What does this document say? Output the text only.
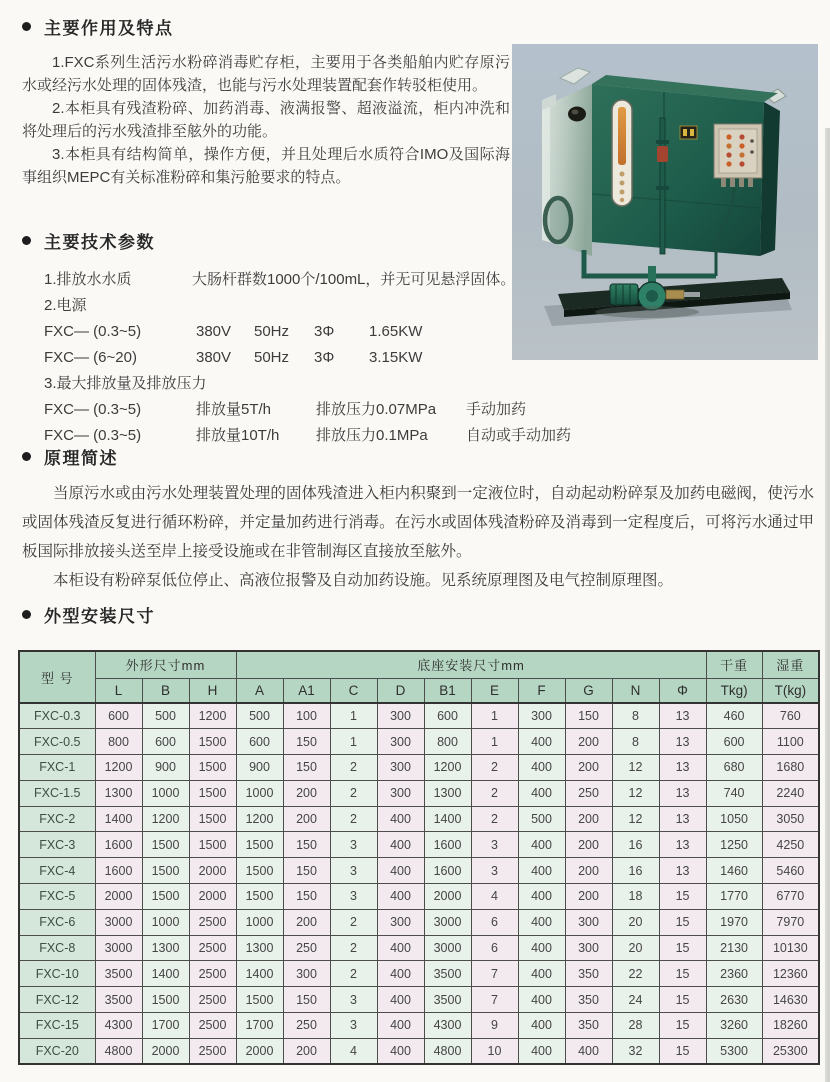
主要作用及特点

1.FXC系列生活污水粉碎消毒贮存柜，主要用于各类船舶内贮存原污水或经污水处理的固体残渣，也能与污水处理装置配套作转驳柜使用。

2.本柜具有残渣粉碎、加药消毒、液满报警、超液溢流，柜内冲洗和将处理后的污水残渣排至舷外的功能。

3.本柜具有结构简单，操作方便，并且处理后水质符合IMO及国际海事组织MEPC有关标准粉碎和集污舱要求的特点。

主要技术参数
1.排放水水质	大肠杆群数1000个/100mL，并无可见悬浮固体。
2.电源
FXC— (0.3~5)	380V 50Hz 3Φ 1.65KW
FXC— (6~20)	380V 50Hz 3Φ 3.15KW
3.最大排放量及排放压力
FXC— (0.3~5)	排放量5T/h	排放压力0.07MPa 手动加药
FXC— (0.3~5)	排放量10T/h 排放压力0.1MPa	自动或手动加药
原理简述

当原污水或由污水处理装置处理的固体残渣进入柜内积聚到一定液位时，自动起动粉碎泵及加药电磁阀，使污水或固体残渣反复进行循环粉碎，并定量加药进行消毒。在污水或固体残渣粉碎及消毒到一定程度后，可将污水通过甲板国际排放接头送至岸上接受设施或在非管制海区直接放至舷外。

本柜设有粉碎泵低位停止、高液位报警及自动加药设施。见系统原理图及电气控制原理图。

外型安装尺寸
型 号	外形尺寸mm			底座安装尺寸mm										干重	湿重
	L	B	H	A	A1	C	D	B1	E	F	G	N	Φ	Tkg)	T(kg)
FXC-0.3	600	500	1200	500	100	1	300	600	1	300	150	8	13	460	760
FXC-0.5	800	600	1500	600	150	1	300	800	1	400	200	8	13	600	1100
FXC-1	1200	900	1500	900	150	2	300	1200	2	400	200	12	13	680	1680
FXC-1.5	1300	1000	1500	1000	200	2	300	1300	2	400	250	12	13	740	2240
FXC-2	1400	1200	1500	1200	200	2	400	1400	2	500	200	12	13	1050	3050
FXC-3	1600	1500	1500	1500	150	3	400	1600	3	400	200	16	13	1250	4250
FXC-4	1600	1500	2000	1500	150	3	400	1600	3	400	200	16	13	1460	5460
FXC-5	2000	1500	2000	1500	150	3	400	2000	4	400	200	18	15	1770	6770
FXC-6	3000	1000	2500	1000	200	2	300	3000	6	400	300	20	15	1970	7970
FXC-8	3000	1300	2500	1300	250	2	400	3000	6	400	300	20	15	2130	10130
FXC-10	3500	1400	2500	1400	300	2	400	3500	7	400	350	22	15	2360	12360
FXC-12	3500	1500	2500	1500	150	3	400	3500	7	400	350	24	15	2630	14630
FXC-15	4300	1700	2500	1700	250	3	400	4300	9	400	350	28	15	3260	18260
FXC-20	4800	2000	2500	2000	200	4	400	4800	10	400	400	32	15	5300	25300
